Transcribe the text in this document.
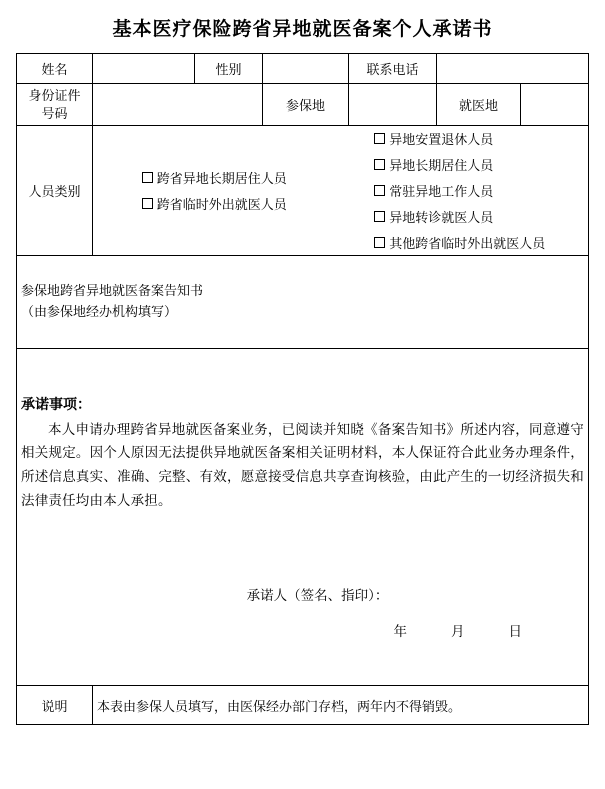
基本医疗保险跨省异地就医备案个人承诺书
姓名		性别		联系电话		

身份证件
号码			参保地		就医地	
人员类别	
跨省异地长期居住人员
跨省临时外出就医人员
异地安置退休人员
异地长期居住人员
常驻异地工作人员
异地转诊就医人员
其他跨省临时外出就医人员

参保地跨省异地就医备案告知书
（由参保地经办机构填写）						

承诺事项：
本人申请办理跨省异地就医备案业务，已阅读并知晓《备案告知书》所述内容，同意遵守相关规定。因个人原因无法提供异地就医备案相关证明材料，本人保证符合此业务办理条件，所述信息真实、准确、完整、有效，愿意接受信息共享查询核验，由此产生的一切经济损失和法律责任均由本人承担。
承诺人（签名、指印）：
年	月	日

说明	本表由参保人员填写，由医保经办部门存档，两年内不得销毁。					
